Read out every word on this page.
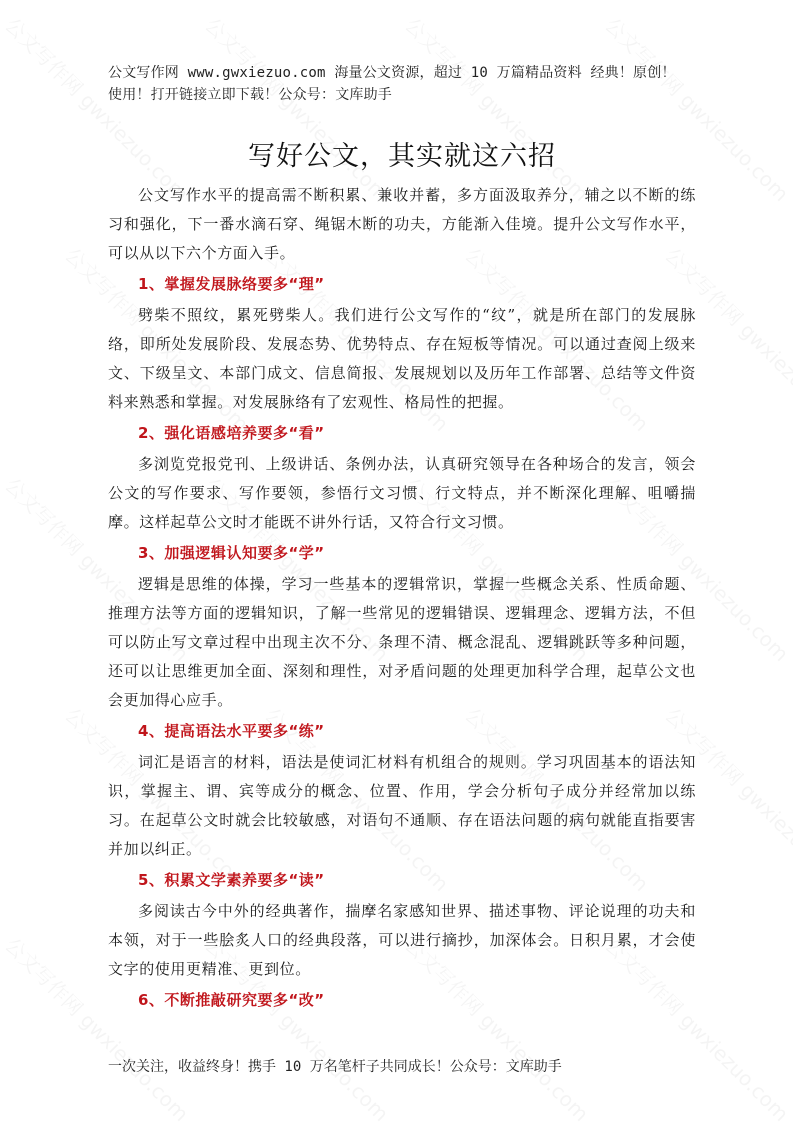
公文写作网 www.gwxiezuo.com 海量公文资源，超过 10 万篇精品资料 经典！原创！

使用！打开链接立即下载！公众号：文库助手

写好公文，其实就这六招

公文写作水平的提高需不断积累、兼收并蓄，多方面汲取养分，辅之以不断的练习和强化，下一番水滴石穿、绳锯木断的功夫，方能渐入佳境。提升公文写作水平，可以从以下六个方面入手。

1、掌握发展脉络要多“理”

劈柴不照纹，累死劈柴人。我们进行公文写作的“纹”，就是所在部门的发展脉络，即所处发展阶段、发展态势、优势特点、存在短板等情况。可以通过查阅上级来文、下级呈文、本部门成文、信息简报、发展规划以及历年工作部署、总结等文件资料来熟悉和掌握。对发展脉络有了宏观性、格局性的把握。

2、强化语感培养要多“看”

多浏览党报党刊、上级讲话、条例办法，认真研究领导在各种场合的发言，领会公文的写作要求、写作要领，参悟行文习惯、行文特点，并不断深化理解、咀嚼揣摩。这样起草公文时才能既不讲外行话，又符合行文习惯。

3、加强逻辑认知要多“学”

逻辑是思维的体操，学习一些基本的逻辑常识，掌握一些概念关系、性质命题、推理方法等方面的逻辑知识，了解一些常见的逻辑错误、逻辑理念、逻辑方法，不但可以防止写文章过程中出现主次不分、条理不清、概念混乱、逻辑跳跃等多种问题，还可以让思维更加全面、深刻和理性，对矛盾问题的处理更加科学合理，起草公文也会更加得心应手。

4、提高语法水平要多“练”

词汇是语言的材料，语法是使词汇材料有机组合的规则。学习巩固基本的语法知识，掌握主、谓、宾等成分的概念、位置、作用，学会分析句子成分并经常加以练习。在起草公文时就会比较敏感，对语句不通顺、存在语法问题的病句就能直指要害并加以纠正。

5、积累文学素养要多“读”

多阅读古今中外的经典著作，揣摩名家感知世界、描述事物、评论说理的功夫和本领，对于一些脍炙人口的经典段落，可以进行摘抄，加深体会。日积月累，才会使文字的使用更精准、更到位。

6、不断推敲研究要多“改”

一次关注，收益终身！携手 10 万名笔杆子共同成长！公众号：文库助手
